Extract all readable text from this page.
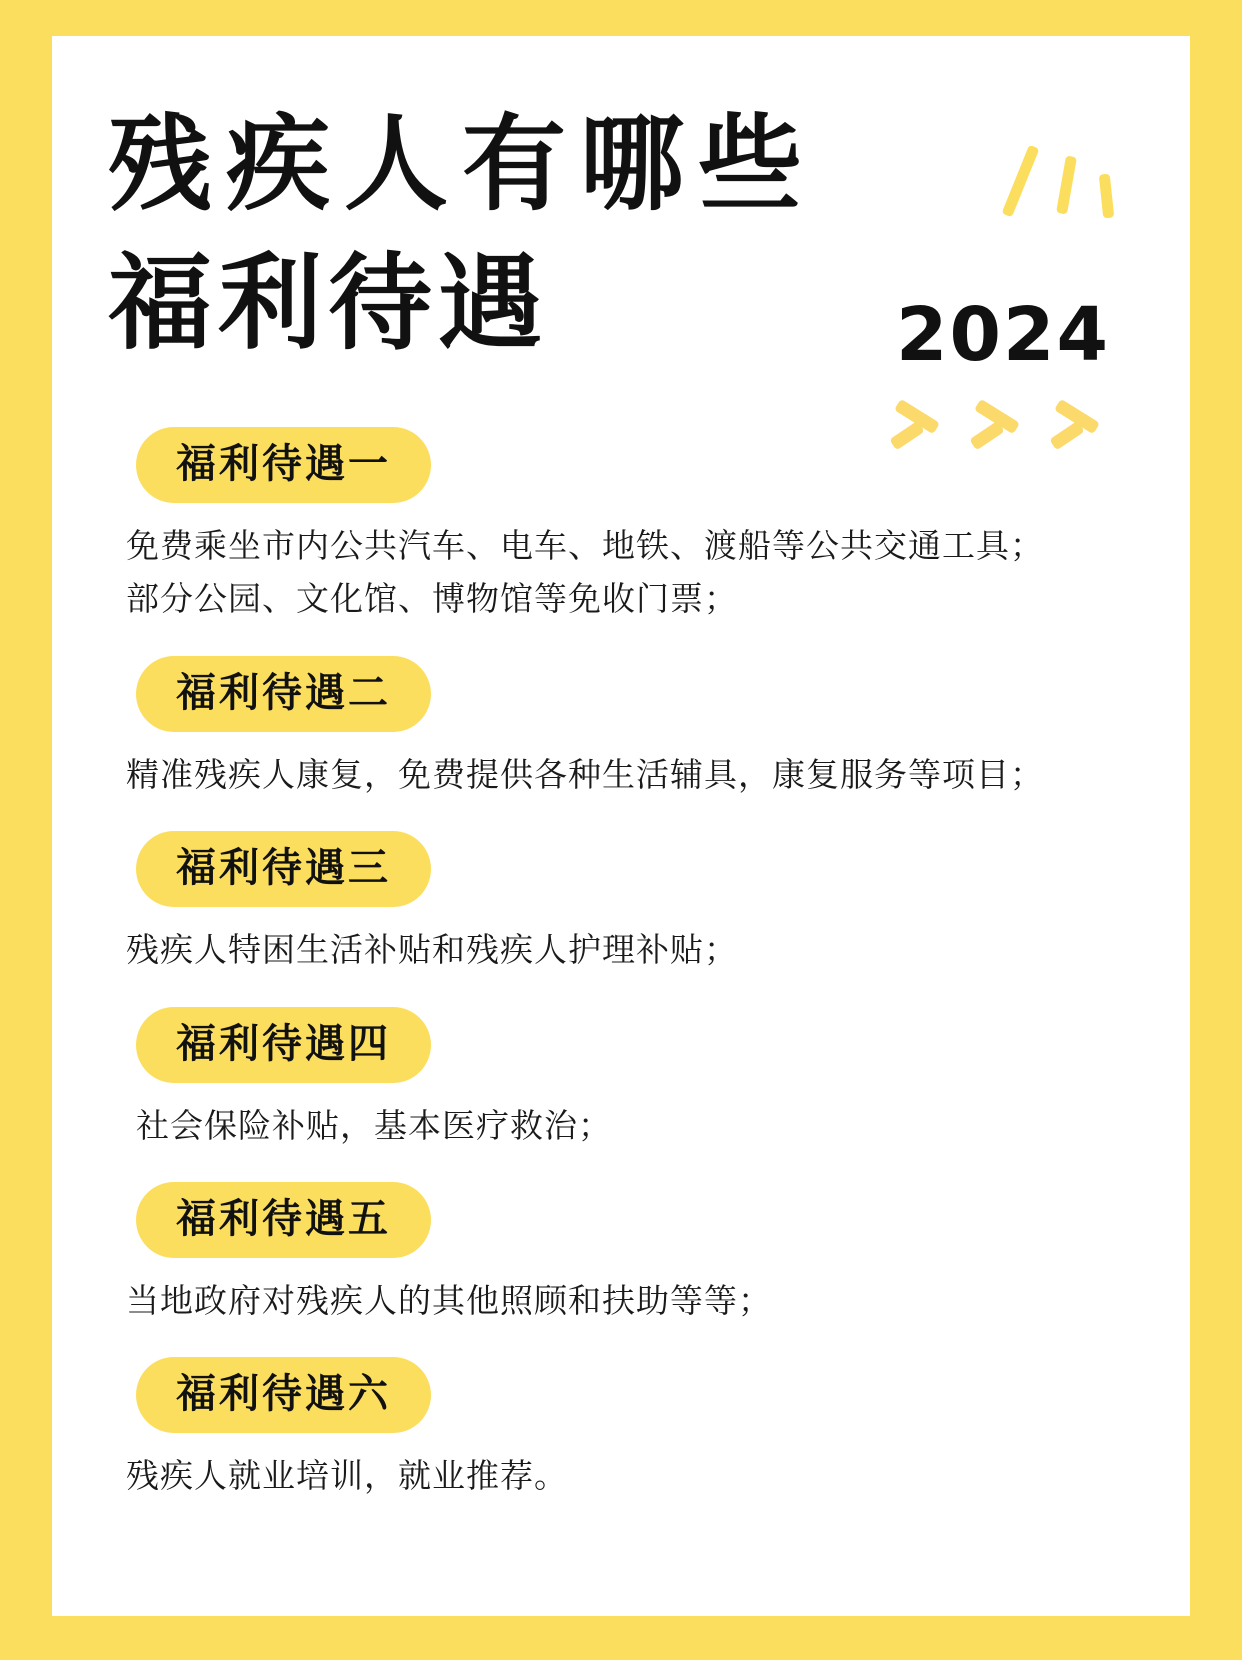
残疾人有哪些
福利待遇	2024
福利待遇一
免费乘坐市内公共汽车、电车、地铁、渡船等公共交通工具；
部分公园、文化馆、博物馆等免收门票；
福利待遇二
精准残疾人康复，免费提供各种生活辅具，康复服务等项目；
福利待遇三
残疾人特困生活补贴和残疾人护理补贴；
福利待遇四
社会保险补贴，基本医疗救治；
福利待遇五
当地政府对残疾人的其他照顾和扶助等等；
福利待遇六
残疾人就业培训，就业推荐。
